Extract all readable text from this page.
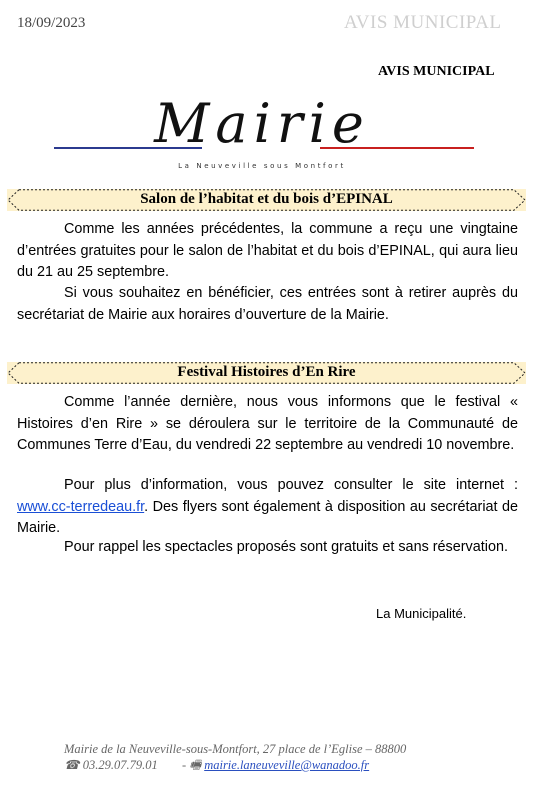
18/09/2023	AVIS MUNICIPAL
AVIS MUNICIPAL
Mairie
La Neuveville sous Montfort
Salon de l’habitat et du bois d’EPINAL

Comme les années précédentes, la commune a reçu une vingtaine d’entrées gratuites pour le salon de l’habitat et du bois d’EPINAL, qui aura lieu du 21 au 25 septembre.

Si vous souhaitez en bénéficier, ces entrées sont à retirer auprès du secrétariat de Mairie aux horaires d’ouverture de la Mairie.

Festival Histoires d’En Rire

Comme l’année dernière, nous vous informons que le festival « Histoires d’en Rire » se déroulera sur le territoire de la Communauté de Communes Terre d’Eau, du vendredi 22 septembre au vendredi 10 novembre.

Pour plus d’information, vous pouvez consulter le site internet : www.cc-terredeau.fr. Des flyers sont également à disposition au secrétariat de Mairie.

Pour rappel les spectacles proposés sont gratuits et sans réservation.

La Municipalité.
Mairie de la Neuveville-sous-Montfort, 27 place de l’Eglise – 88800
☎ 03.29.07.79.01 - 🖷 mairie.laneuveville@wanadoo.fr
